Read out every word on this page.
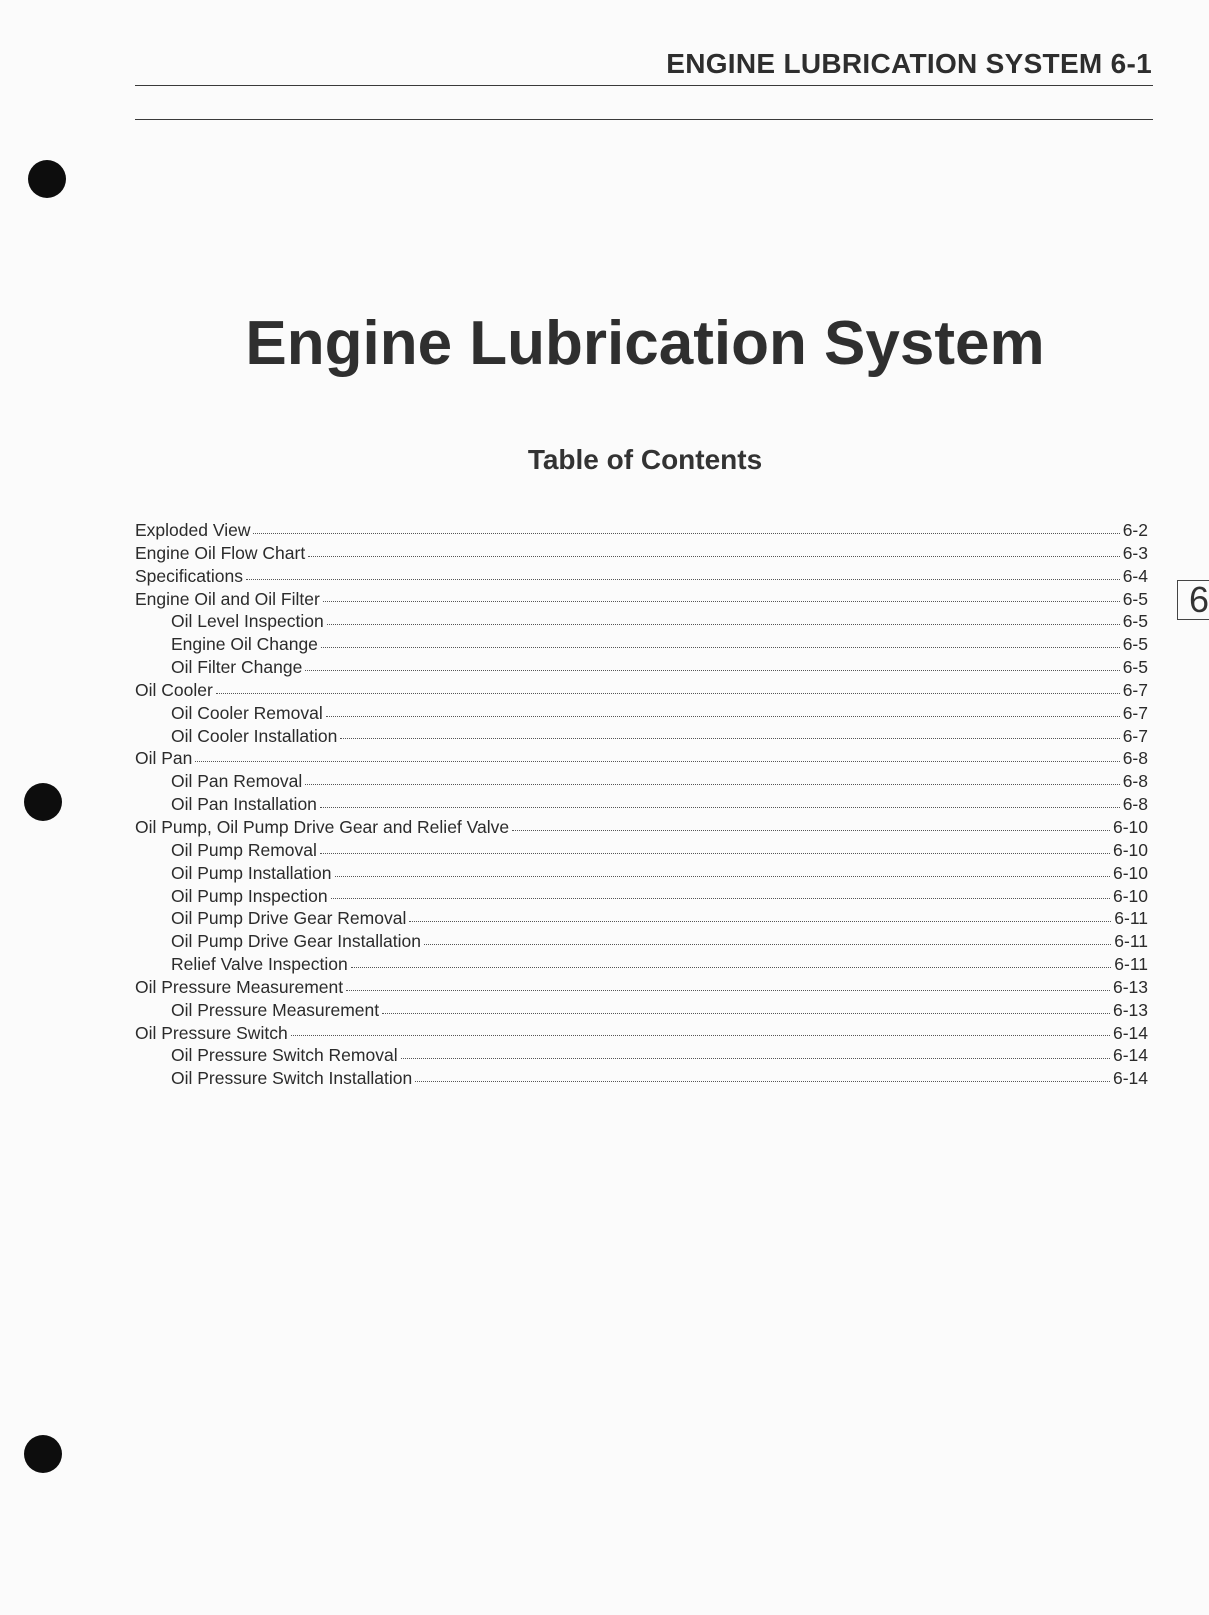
ENGINE LUBRICATION SYSTEM 6-1
Engine Lubrication System
Table of Contents
6
Exploded View	6-2
Engine Oil Flow Chart	6-3
Specifications	6-4
Engine Oil and Oil Filter	6-5
Oil Level Inspection	6-5
Engine Oil Change	6-5
Oil Filter Change	6-5
Oil Cooler	6-7
Oil Cooler Removal	6-7
Oil Cooler Installation	6-7
Oil Pan	6-8
Oil Pan Removal	6-8
Oil Pan Installation	6-8
Oil Pump, Oil Pump Drive Gear and Relief Valve	6-10
Oil Pump Removal	6-10
Oil Pump Installation	6-10
Oil Pump Inspection	6-10
Oil Pump Drive Gear Removal	6-11
Oil Pump Drive Gear Installation	6-11
Relief Valve Inspection	6-11
Oil Pressure Measurement	6-13
Oil Pressure Measurement	6-13
Oil Pressure Switch	6-14
Oil Pressure Switch Removal	6-14
Oil Pressure Switch Installation	6-14
